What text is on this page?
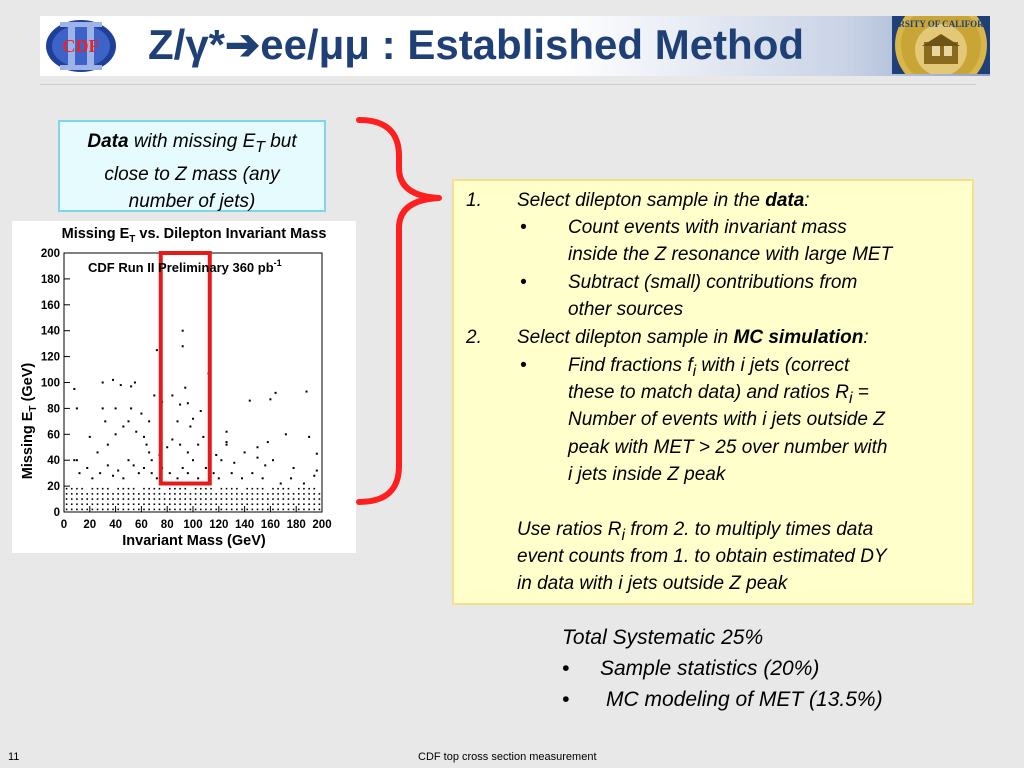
CDF Z/γ*➔ee/μμ : Established Method	RSITY OF CALIFOR
Data with missing $E_T$ but
close to Z mass (any
number of jets)
Missing $E_T$ vs. Dilepton Invariant Mass
0 20 40 60 80 100 120 140 160 180 200
0
20
40
60
80
100
120
140
160
180
200
CDF Run II Preliminary 360 $pb^{-1}$
Invariant Mass (GeV)
Missing $E_T$ (GeV)
1. Select dilepton sample in the data:
• Count events with invariant mass
inside the Z resonance with large MET
• Subtract (small) contributions from
other sources
2. Select dilepton sample in MC simulation:
• Find fractions $f_i$ with i jets (correct
these to match data) and ratios $R_i$ =
Number of events with i jets outside Z
peak with MET > 25 over number with
i jets inside Z peak
Use ratios $R_i$ from 2. to multiply times data
event counts from 1. to obtain estimated DY
in data with i jets outside Z peak
Total Systematic 25%
• Sample statistics (20%)
• MC modeling of MET (13.5%)
11	CDF top cross section measurement
